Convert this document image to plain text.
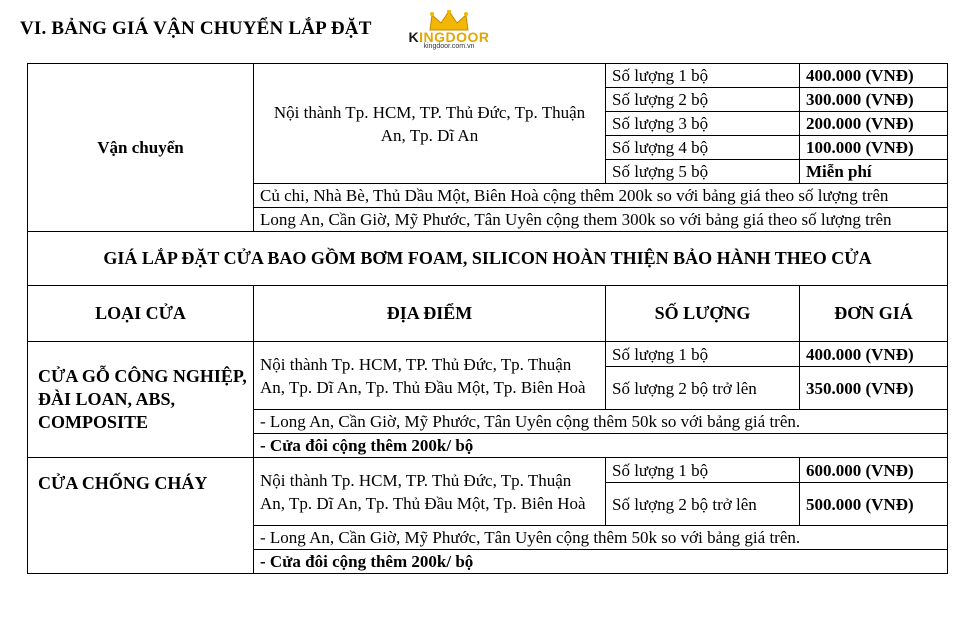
VI. BẢNG GIÁ VẬN CHUYỂN LẮP ĐẶT	KINGDOOR
kingdoor.com.vn
Vận chuyển	Nội thành Tp. HCM, TP. Thủ Đức, Tp. Thuận An, Tp. Dĩ An	Số lượng 1 bộ	400.000 (VNĐ)
		Số lượng 2 bộ	300.000 (VNĐ)
		Số lượng 3 bộ	200.000 (VNĐ)
		Số lượng 4 bộ	100.000 (VNĐ)
		Số lượng 5 bộ	Miễn phí
	Củ chi, Nhà Bè, Thủ Dầu Một, Biên Hoà cộng thêm 200k so với bảng giá theo số lượng trên		
	Long An, Cần Giờ, Mỹ Phước, Tân Uyên cộng them 300k so với bảng giá theo số lượng trên		
GIÁ LẮP ĐẶT CỬA BAO GỒM BƠM FOAM, SILICON HOÀN THIỆN BẢO HÀNH THEO CỬA			
LOẠI CỬA	ĐỊA ĐIỂM	SỐ LƯỢNG	ĐƠN GIÁ
CỬA GỖ CÔNG NGHIỆP, ĐÀI LOAN, ABS, COMPOSITE	Nội thành Tp. HCM, TP. Thủ Đức, Tp. Thuận An, Tp. Dĩ An, Tp. Thủ Đầu Một, Tp. Biên Hoà	Số lượng 1 bộ	400.000 (VNĐ)
		Số lượng 2 bộ trở lên	350.000 (VNĐ)
	- Long An, Cần Giờ, Mỹ Phước, Tân Uyên cộng thêm 50k so với bảng giá trên.		
	- Cửa đôi cộng thêm 200k/ bộ		
CỬA CHỐNG CHÁY	Nội thành Tp. HCM, TP. Thủ Đức, Tp. Thuận An, Tp. Dĩ An, Tp. Thủ Đầu Một, Tp. Biên Hoà	Số lượng 1 bộ	600.000 (VNĐ)
		Số lượng 2 bộ trở lên	500.000 (VNĐ)
	- Long An, Cần Giờ, Mỹ Phước, Tân Uyên cộng thêm 50k so với bảng giá trên.		
	- Cửa đôi cộng thêm 200k/ bộ		
